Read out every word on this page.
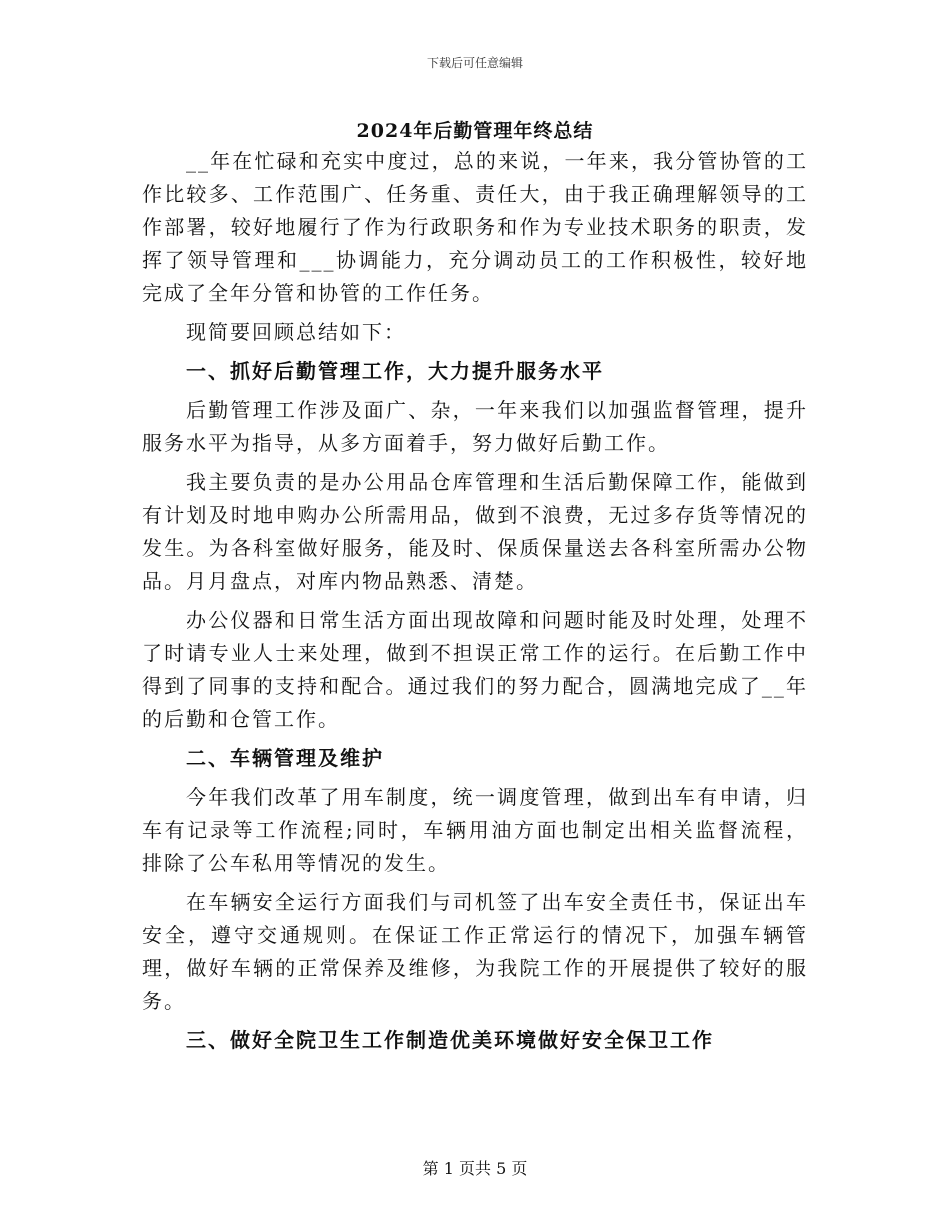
下载后可任意编辑
2024年后勤管理年终总结

__年在忙碌和充实中度过，总的来说，一年来，我分管协管的工作比较多、工作范围广、任务重、责任大，由于我正确理解领导的工作部署，较好地履行了作为行政职务和作为专业技术职务的职责，发挥了领导管理和___协调能力，充分调动员工的工作积极性，较好地完成了全年分管和协管的工作任务。

现简要回顾总结如下：

一、抓好后勤管理工作，大力提升服务水平

后勤管理工作涉及面广、杂，一年来我们以加强监督管理，提升服务水平为指导，从多方面着手，努力做好后勤工作。

我主要负责的是办公用品仓库管理和生活后勤保障工作，能做到有计划及时地申购办公所需用品，做到不浪费，无过多存货等情况的发生。为各科室做好服务，能及时、保质保量送去各科室所需办公物品。月月盘点，对库内物品熟悉、清楚。

办公仪器和日常生活方面出现故障和问题时能及时处理，处理不了时请专业人士来处理，做到不担误正常工作的运行。在后勤工作中得到了同事的支持和配合。通过我们的努力配合，圆满地完成了__年的后勤和仓管工作。

二、车辆管理及维护

今年我们改革了用车制度，统一调度管理，做到出车有申请，归车有记录等工作流程;同时，车辆用油方面也制定出相关监督流程，排除了公车私用等情况的发生。

在车辆安全运行方面我们与司机签了出车安全责任书，保证出车安全，遵守交通规则。在保证工作正常运行的情况下，加强车辆管理，做好车辆的正常保养及维修，为我院工作的开展提供了较好的服务。

三、做好全院卫生工作制造优美环境做好安全保卫工作

第 1 页共 5 页
